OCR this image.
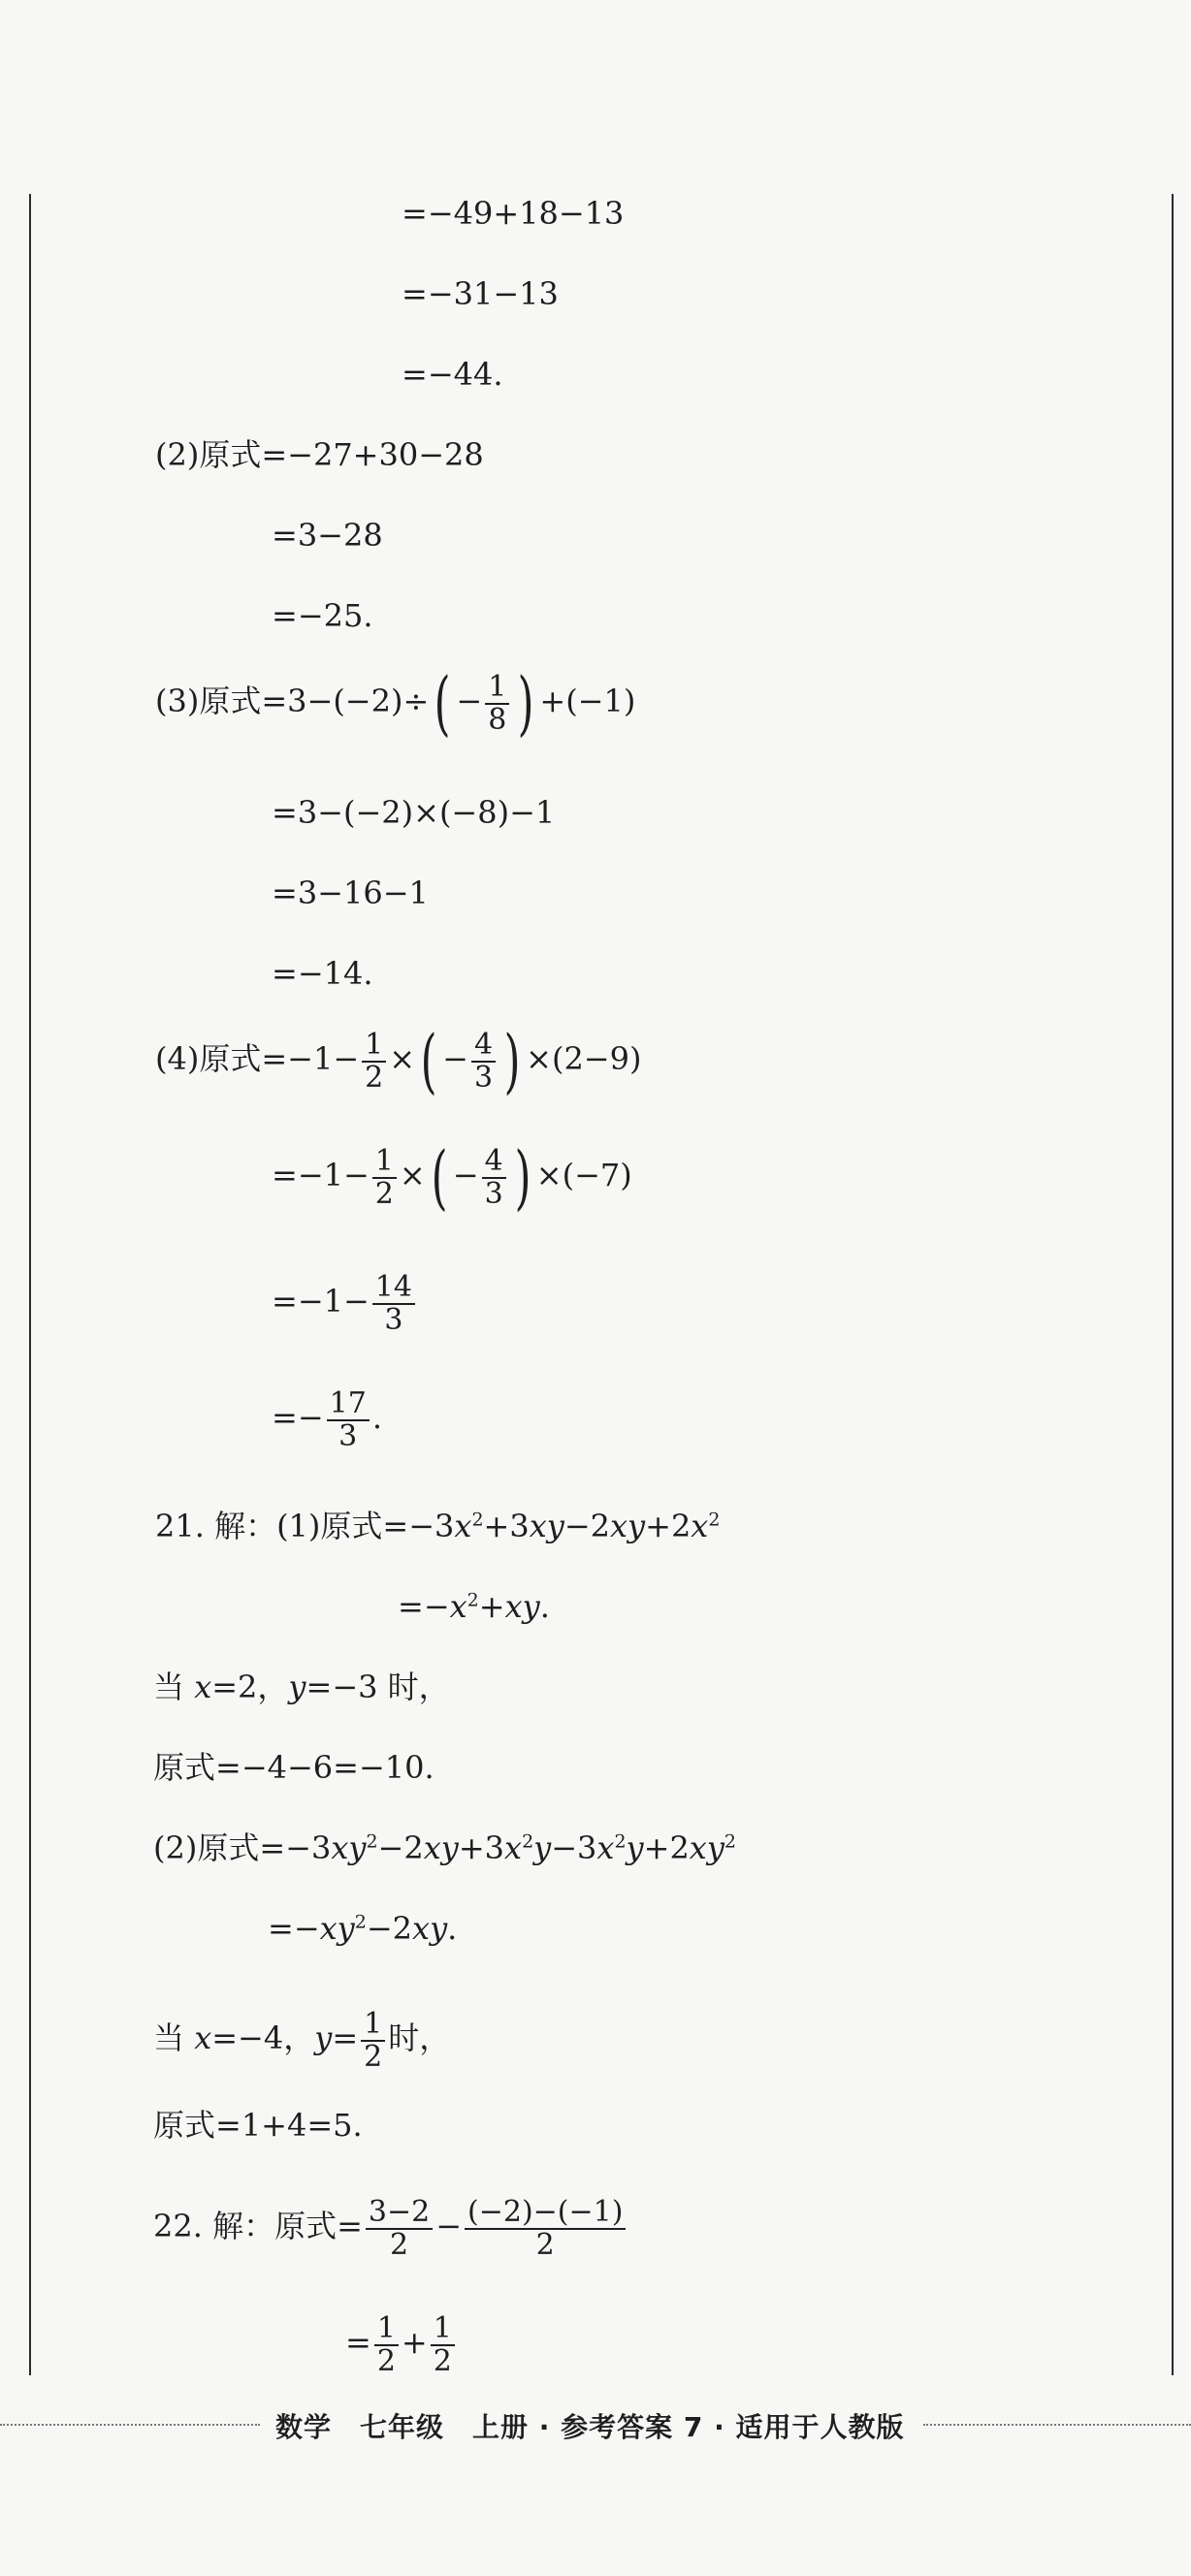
=−49+18−13
=−31−13
=−44.
(2)原式=−27+30−28
=3−28
=−25.
(3)原式$=3-(-2)\div( - \frac{1}{8}$ ) +(−1)
=3−(−2)×(−8)−1
=3−16−1
=−14.
(4)原式$=-1- \frac{1}{2}$ ×( − $\frac{4}{3}$ ) ×(2−9)
$=-1- \frac{1}{2}$ ×( − $\frac{4}{3}$ ) ×(−7)
$=-1- \frac{14}{3}$
=− $\frac{17}{3}$ .
21. 解：(1)原式$=-3x^2+3xy-2xy+2x^2$
$=-x^2+xy$.
当 x=2，y=−3 时，
原式=−4−6=−10.
(2)原式$=-3xy^2-2xy+3x^2y-3x^2y+2xy^2$
$=-xy^2-2xy$.
当 x=−4，$y= \frac{1}{2}$ 时，
原式=1+4=5.
22. 解：原式= $\frac{3-2}{2} - \frac{(-2)-(-1)}{2}$
= $\frac{1}{2} + \frac{1}{2}$
数学　七年级　上册 · 参考答案 7 · 适用于人教版
